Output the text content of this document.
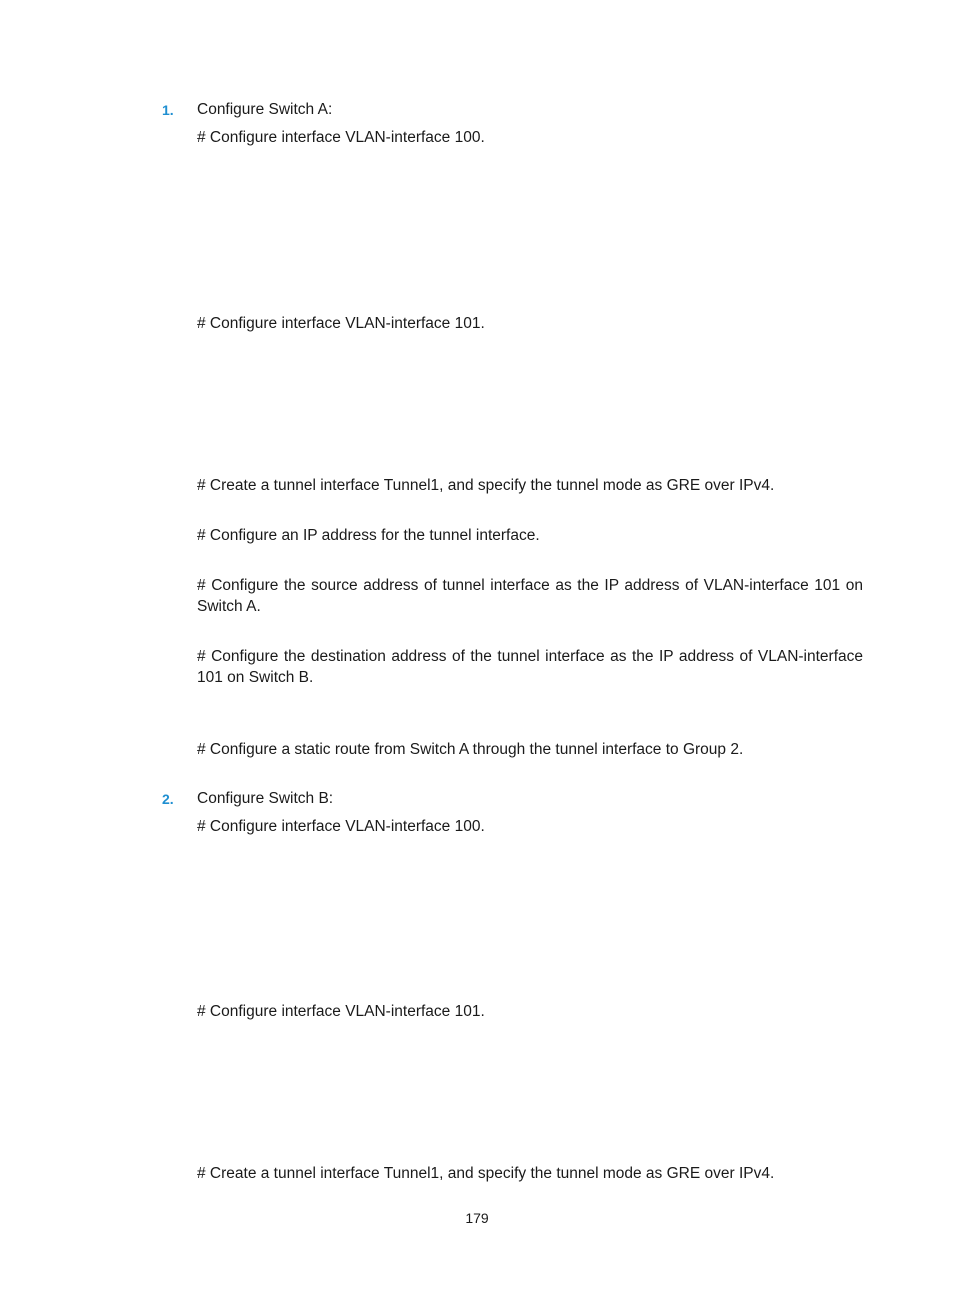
1. Configure Switch A:
# Configure interface VLAN-interface 100.
# Configure interface VLAN-interface 101.
# Create a tunnel interface Tunnel1, and specify the tunnel mode as GRE over IPv4.
# Configure an IP address for the tunnel interface.
# Configure the source address of tunnel interface as the IP address of VLAN-interface 101 on Switch A.
# Configure the destination address of the tunnel interface as the IP address of VLAN-interface 101 on Switch B.
# Configure a static route from Switch A through the tunnel interface to Group 2.
2. Configure Switch B:
# Configure interface VLAN-interface 100.
# Configure interface VLAN-interface 101.
# Create a tunnel interface Tunnel1, and specify the tunnel mode as GRE over IPv4.
179
